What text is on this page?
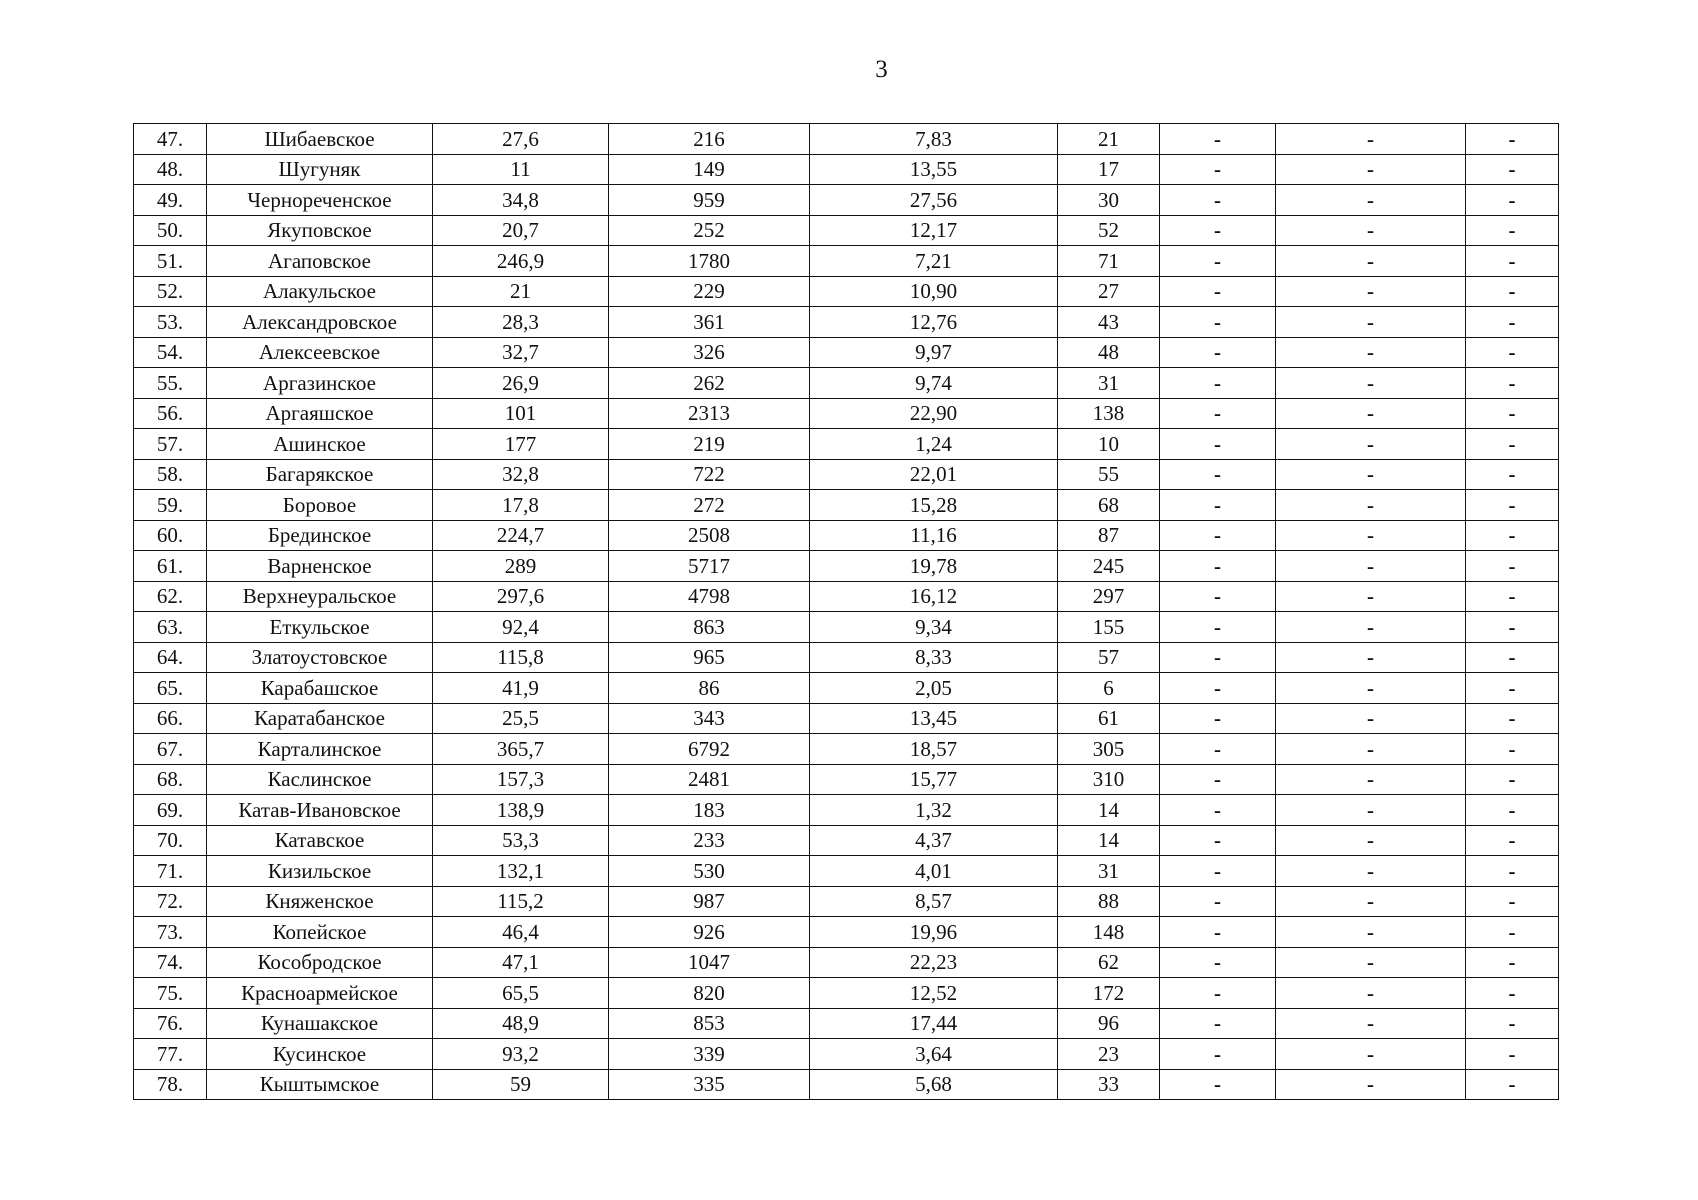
3
47.	Шибаевское	27,6	216	7,83	21	-	-	-
48.	Шугуняк	11	149	13,55	17	-	-	-
49.	Чернореченское	34,8	959	27,56	30	-	-	-
50.	Якуповское	20,7	252	12,17	52	-	-	-
51.	Агаповское	246,9	1780	7,21	71	-	-	-
52.	Алакульское	21	229	10,90	27	-	-	-
53.	Александровское	28,3	361	12,76	43	-	-	-
54.	Алексеевское	32,7	326	9,97	48	-	-	-
55.	Аргазинское	26,9	262	9,74	31	-	-	-
56.	Аргаяшское	101	2313	22,90	138	-	-	-
57.	Ашинское	177	219	1,24	10	-	-	-
58.	Багарякское	32,8	722	22,01	55	-	-	-
59.	Боровое	17,8	272	15,28	68	-	-	-
60.	Брединское	224,7	2508	11,16	87	-	-	-
61.	Варненское	289	5717	19,78	245	-	-	-
62.	Верхнеуральское	297,6	4798	16,12	297	-	-	-
63.	Еткульское	92,4	863	9,34	155	-	-	-
64.	Златоустовское	115,8	965	8,33	57	-	-	-
65.	Карабашское	41,9	86	2,05	6	-	-	-
66.	Каратабанское	25,5	343	13,45	61	-	-	-
67.	Карталинское	365,7	6792	18,57	305	-	-	-
68.	Каслинское	157,3	2481	15,77	310	-	-	-
69.	Катав-Ивановское	138,9	183	1,32	14	-	-	-
70.	Катавское	53,3	233	4,37	14	-	-	-
71.	Кизильское	132,1	530	4,01	31	-	-	-
72.	Княженское	115,2	987	8,57	88	-	-	-
73.	Копейское	46,4	926	19,96	148	-	-	-
74.	Кособродское	47,1	1047	22,23	62	-	-	-
75.	Красноармейское	65,5	820	12,52	172	-	-	-
76.	Кунашакское	48,9	853	17,44	96	-	-	-
77.	Кусинское	93,2	339	3,64	23	-	-	-
78.	Кыштымское	59	335	5,68	33	-	-	-
